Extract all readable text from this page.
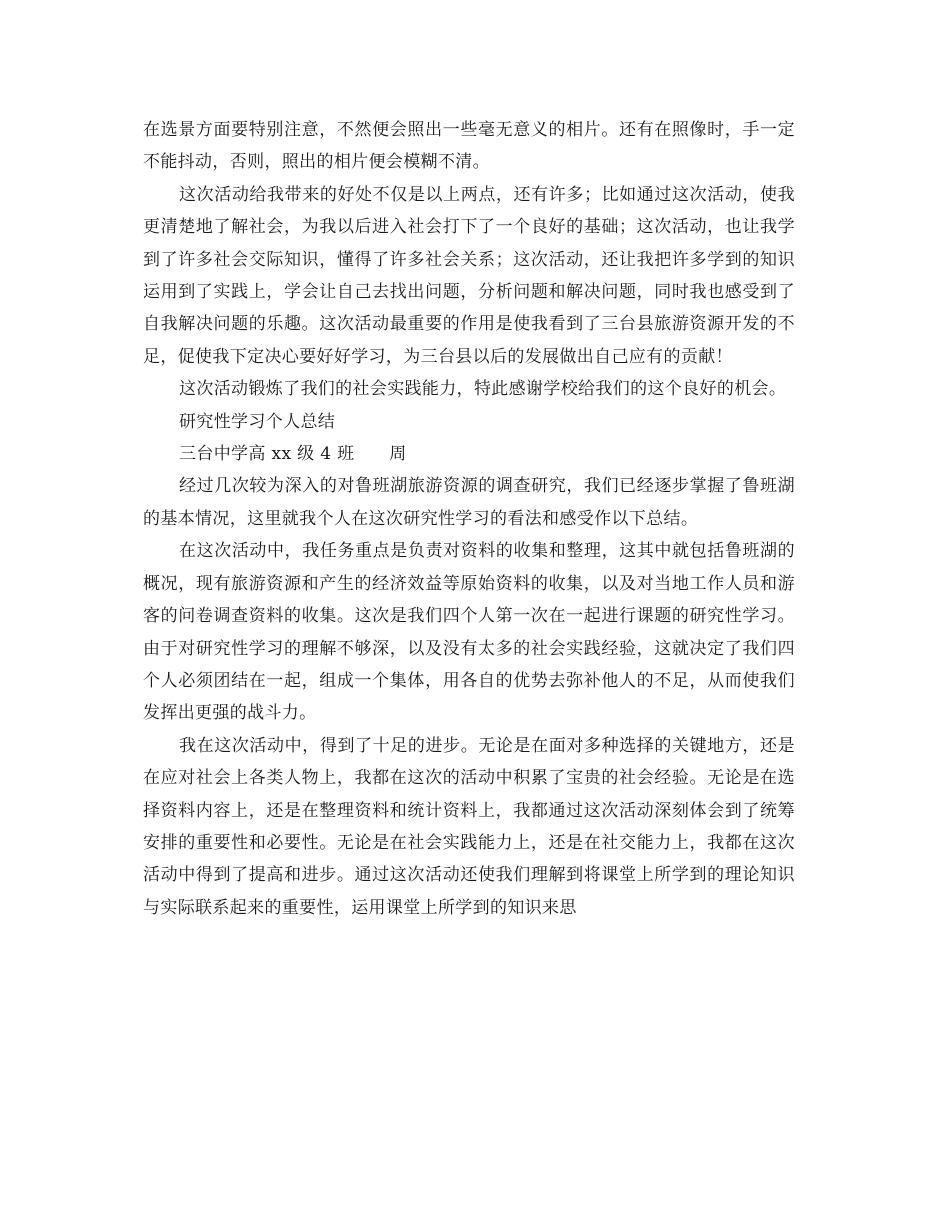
在选景方面要特别注意，不然便会照出一些毫无意义的相片。还有在照像时，手一定不能抖动，否则，照出的相片便会模糊不清。

这次活动给我带来的好处不仅是以上两点，还有许多；比如通过这次活动，使我更清楚地了解社会，为我以后进入社会打下了一个良好的基础；这次活动，也让我学到了许多社会交际知识，懂得了许多社会关系；这次活动，还让我把许多学到的知识运用到了实践上，学会让自己去找出问题，分析问题和解决问题，同时我也感受到了自我解决问题的乐趣。这次活动最重要的作用是使我看到了三台县旅游资源开发的不足，促使我下定决心要好好学习，为三台县以后的发展做出自己应有的贡献！

这次活动锻炼了我们的社会实践能力，特此感谢学校给我们的这个良好的机会。

研究性学习个人总结

三台中学高 xx 级 4 班　　周

经过几次较为深入的对鲁班湖旅游资源的调查研究，我们已经逐步掌握了鲁班湖的基本情况，这里就我个人在这次研究性学习的看法和感受作以下总结。

在这次活动中，我任务重点是负责对资料的收集和整理，这其中就包括鲁班湖的概况，现有旅游资源和产生的经济效益等原始资料的收集，以及对当地工作人员和游客的问卷调查资料的收集。这次是我们四个人第一次在一起进行课题的研究性学习。由于对研究性学习的理解不够深，以及没有太多的社会实践经验，这就决定了我们四个人必须团结在一起，组成一个集体，用各自的优势去弥补他人的不足，从而使我们发挥出更强的战斗力。

我在这次活动中，得到了十足的进步。无论是在面对多种选择的关键地方，还是在应对社会上各类人物上，我都在这次的活动中积累了宝贵的社会经验。无论是在选择资料内容上，还是在整理资料和统计资料上，我都通过这次活动深刻体会到了统筹安排的重要性和必要性。无论是在社会实践能力上，还是在社交能力上，我都在这次活动中得到了提高和进步。通过这次活动还使我们理解到将课堂上所学到的理论知识与实际联系起来的重要性，运用课堂上所学到的知识来思
